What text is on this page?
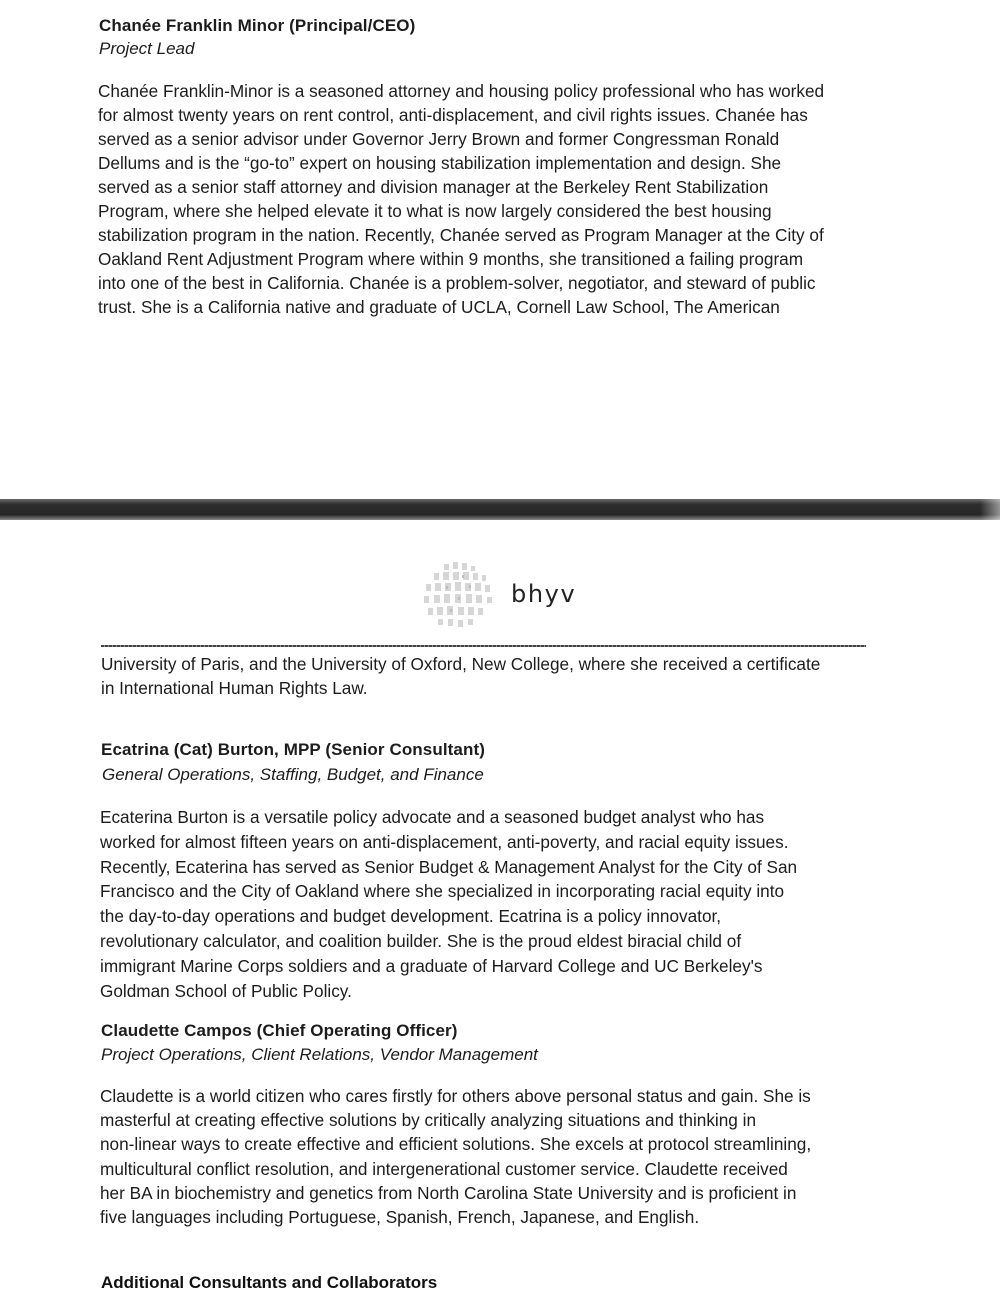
Chanée Franklin Minor (Principal/CEO)
Project Lead
Chanée Franklin-Minor is a seasoned attorney and housing policy professional who has worked
for almost twenty years on rent control, anti-displacement, and civil rights issues. Chanée has
served as a senior advisor under Governor Jerry Brown and former Congressman Ronald
Dellums and is the “go-to” expert on housing stabilization implementation and design. She
served as a senior staff attorney and division manager at the Berkeley Rent Stabilization
Program, where she helped elevate it to what is now largely considered the best housing
stabilization program in the nation. Recently, Chanée served as Program Manager at the City of
Oakland Rent Adjustment Program where within 9 months, she transitioned a failing program
into one of the best in California. Chanée is a problem-solver, negotiator, and steward of public
trust. She is a California native and graduate of UCLA, Cornell Law School, The American
bhyv
University of Paris, and the University of Oxford, New College, where she received a certificate
in International Human Rights Law.
Ecatrina (Cat) Burton, MPP (Senior Consultant)
General Operations, Staffing, Budget, and Finance
Ecaterina Burton is a versatile policy advocate and a seasoned budget analyst who has
worked for almost fifteen years on anti-displacement, anti-poverty, and racial equity issues.
Recently, Ecaterina has served as Senior Budget & Management Analyst for the City of San
Francisco and the City of Oakland where she specialized in incorporating racial equity into
the day-to-day operations and budget development. Ecatrina is a policy innovator,
revolutionary calculator, and coalition builder. She is the proud eldest biracial child of
immigrant Marine Corps soldiers and a graduate of Harvard College and UC Berkeley's
Goldman School of Public Policy.
Claudette Campos (Chief Operating Officer)
Project Operations, Client Relations, Vendor Management
Claudette is a world citizen who cares firstly for others above personal status and gain. She is
masterful at creating effective solutions by critically analyzing situations and thinking in
non-linear ways to create effective and efficient solutions. She excels at protocol streamlining,
multicultural conflict resolution, and intergenerational customer service. Claudette received
her BA in biochemistry and genetics from North Carolina State University and is proficient in
five languages including Portuguese, Spanish, French, Japanese, and English.
Additional Consultants and Collaborators
